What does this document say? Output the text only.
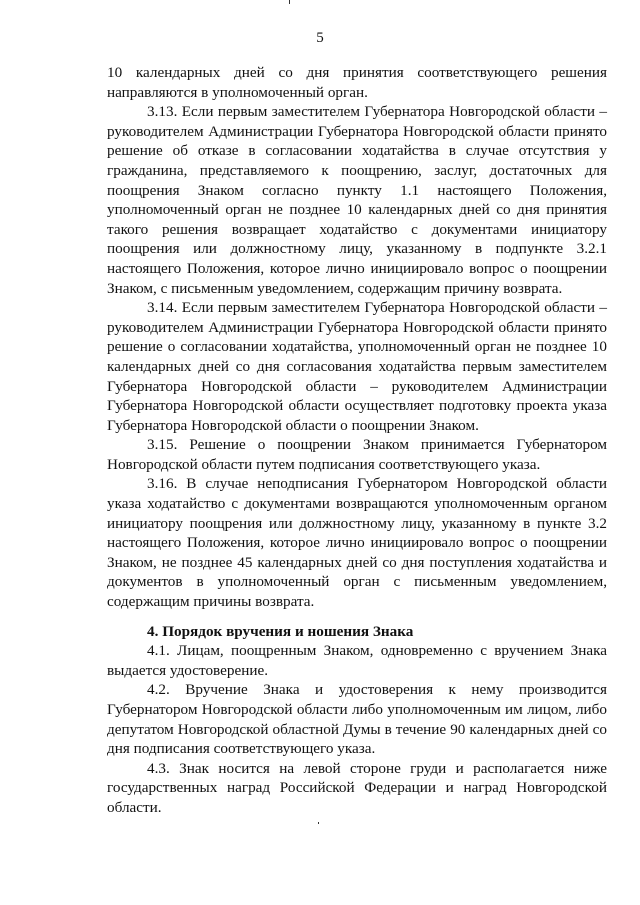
5

10 календарных дней со дня принятия соответствующего решения направляются в уполномоченный орган.

3.13. Если первым заместителем Губернатора Новгородской области – руководителем Администрации Губернатора Новгородской области принято решение об отказе в согласовании ходатайства в случае отсутствия у гражданина, представляемого к поощрению, заслуг, достаточных для поощрения Знаком согласно пункту 1.1 настоящего Положения, уполномоченный орган не позднее 10 календарных дней со дня принятия такого решения возвращает ходатайство с документами инициатору поощрения или должностному лицу, указанному в подпункте 3.2.1 настоящего Положения, которое лично инициировало вопрос о поощрении Знаком, с письменным уведомлением, содержащим причину возврата.

3.14. Если первым заместителем Губернатора Новгородской области – руководителем Администрации Губернатора Новгородской области принято решение о согласовании ходатайства, уполномоченный орган не позднее 10 календарных дней со дня согласования ходатайства первым заместителем Губернатора Новгородской области – руководителем Администрации Губернатора Новгородской области осуществляет подготовку проекта указа Губернатора Новгородской области о поощрении Знаком.

3.15. Решение о поощрении Знаком принимается Губернатором Новгородской области путем подписания соответствующего указа.

3.16. В случае неподписания Губернатором Новгородской области указа ходатайство с документами возвращаются уполномоченным органом инициатору поощрения или должностному лицу, указанному в пункте 3.2 настоящего Положения, которое лично инициировало вопрос о поощрении Знаком, не позднее 45 календарных дней со дня поступления ходатайства и документов в уполномоченный орган с письменным уведомлением, содержащим причины возврата.

4. Порядок вручения и ношения Знака

4.1. Лицам, поощренным Знаком, одновременно с вручением Знака выдается удостоверение.

4.2. Вручение Знака и удостоверения к нему производится Губернатором Новгородской области либо уполномоченным им лицом, либо депутатом Новгородской областной Думы в течение 90 календарных дней со дня подписания соответствующего указа.

4.3. Знак носится на левой стороне груди и располагается ниже государственных наград Российской Федерации и наград Новгородской области.
